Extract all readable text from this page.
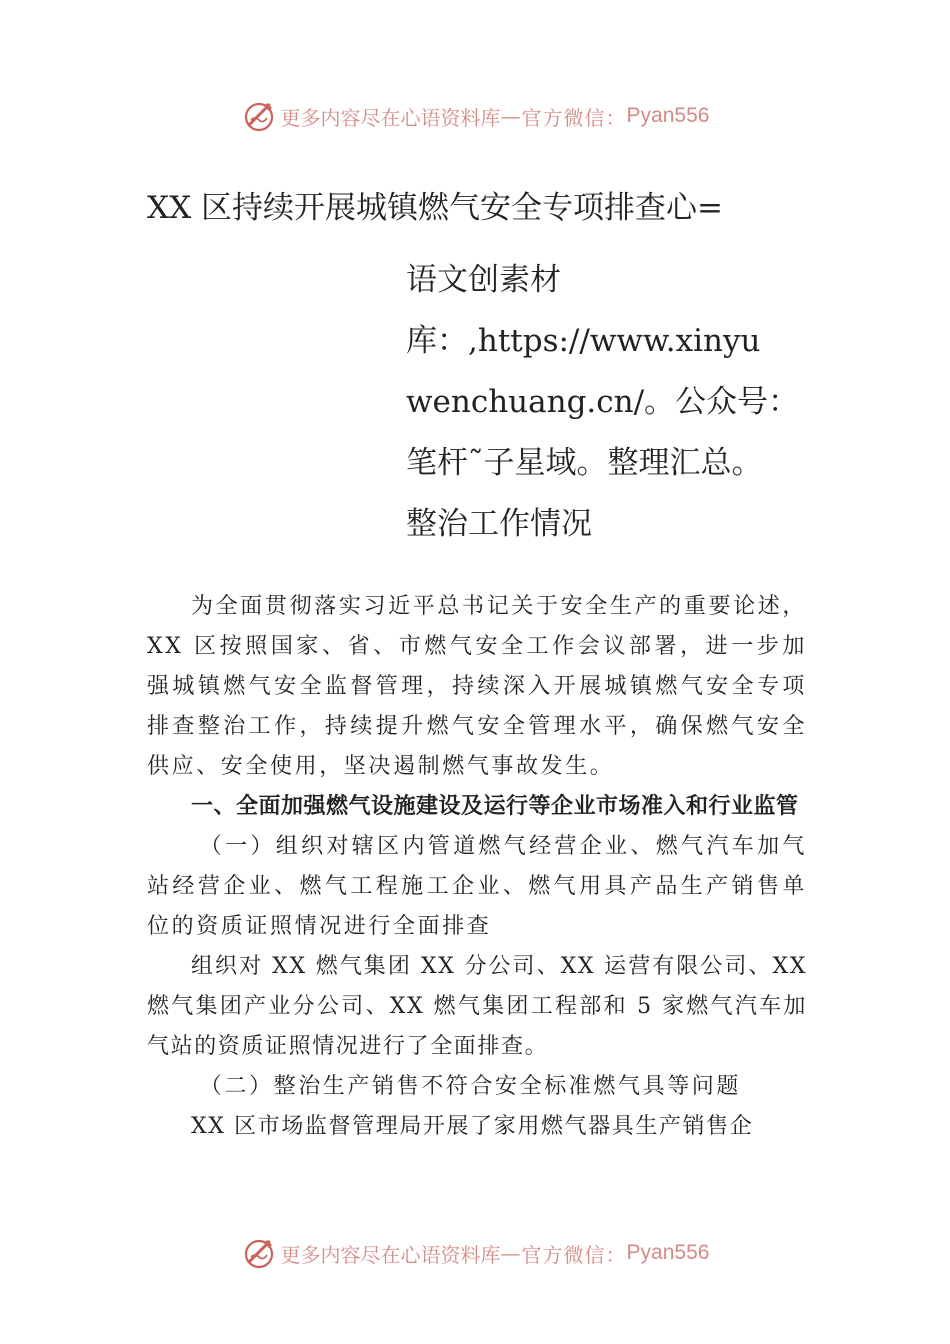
更多内容尽在心语资料库 — 官方微信： Pyan556
XX 区持续开展城镇燃气安全专项排查心=
语文创素材
库：,https://www.xinyu
wenchuang.cn/。公众号：
笔杆˜子星域。整理汇总。
整治工作情况

为全面贯彻落实习近平总书记关于安全生产的重要论述，XX 区按照国家、省、市燃气安全工作会议部署，进一步加强城镇燃气安全监督管理，持续深入开展城镇燃气安全专项排查整治工作，持续提升燃气安全管理水平，确保燃气安全供应、安全使用，坚决遏制燃气事故发生。

一、全面加强燃气设施建设及运行等企业市场准入和行业监管

（一）组织对辖区内管道燃气经营企业、燃气汽车加气站经营企业、燃气工程施工企业、燃气用具产品生产销售单位的资质证照情况进行全面排查

组织对 XX 燃气集团 XX 分公司、XX 运营有限公司、XX 燃气集团产业分公司、XX 燃气集团工程部和 5 家燃气汽车加气站的资质证照情况进行了全面排查。

（二）整治生产销售不符合安全标准燃气具等问题

XX 区市场监督管理局开展了家用燃气器具生产销售企

更多内容尽在心语资料库 — 官方微信： Pyan556
